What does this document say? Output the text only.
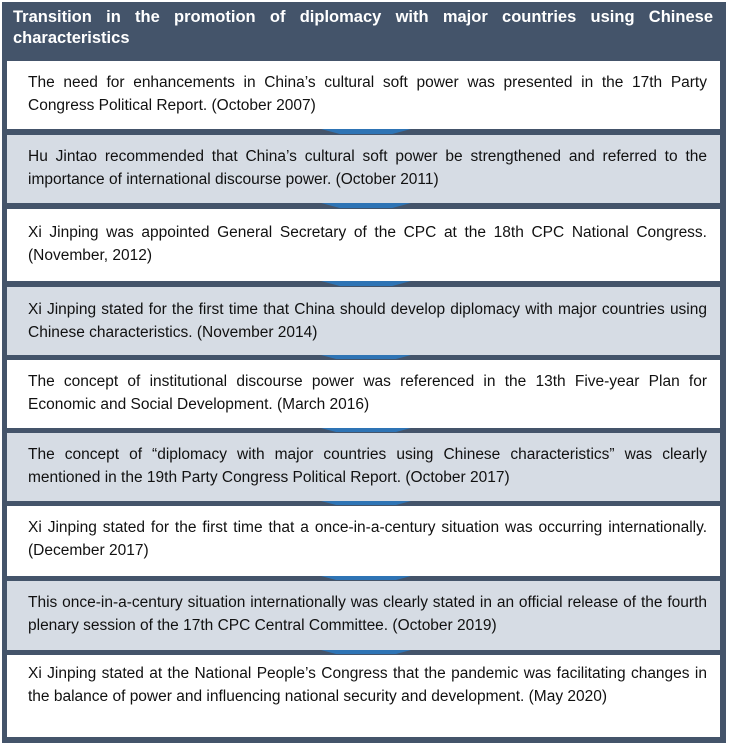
Transition in the promotion of diplomacy with major countries using Chinese characteristics
The need for enhancements in China’s cultural soft power was presented in the 17th Party Congress Political Report. (October 2007)
Hu Jintao recommended that China’s cultural soft power be strengthened and referred to the importance of international discourse power. (October 2011)
Xi Jinping was appointed General Secretary of the CPC at the 18th CPC National Congress. (November, 2012)
Xi Jinping stated for the first time that China should develop diplomacy with major countries using Chinese characteristics. (November 2014)
The concept of institutional discourse power was referenced in the 13th Five-year Plan for Economic and Social Development. (March 2016)
The concept of “diplomacy with major countries using Chinese characteristics” was clearly mentioned in the 19th Party Congress Political Report. (October 2017)
Xi Jinping stated for the first time that a once-in-a-century situation was occurring internationally. (December 2017)
This once-in-a-century situation internationally was clearly stated in an official release of the fourth plenary session of the 17th CPC Central Committee. (October 2019)
Xi Jinping stated at the National People’s Congress that the pandemic was facilitating changes in the balance of power and influencing national security and development. (May 2020)
